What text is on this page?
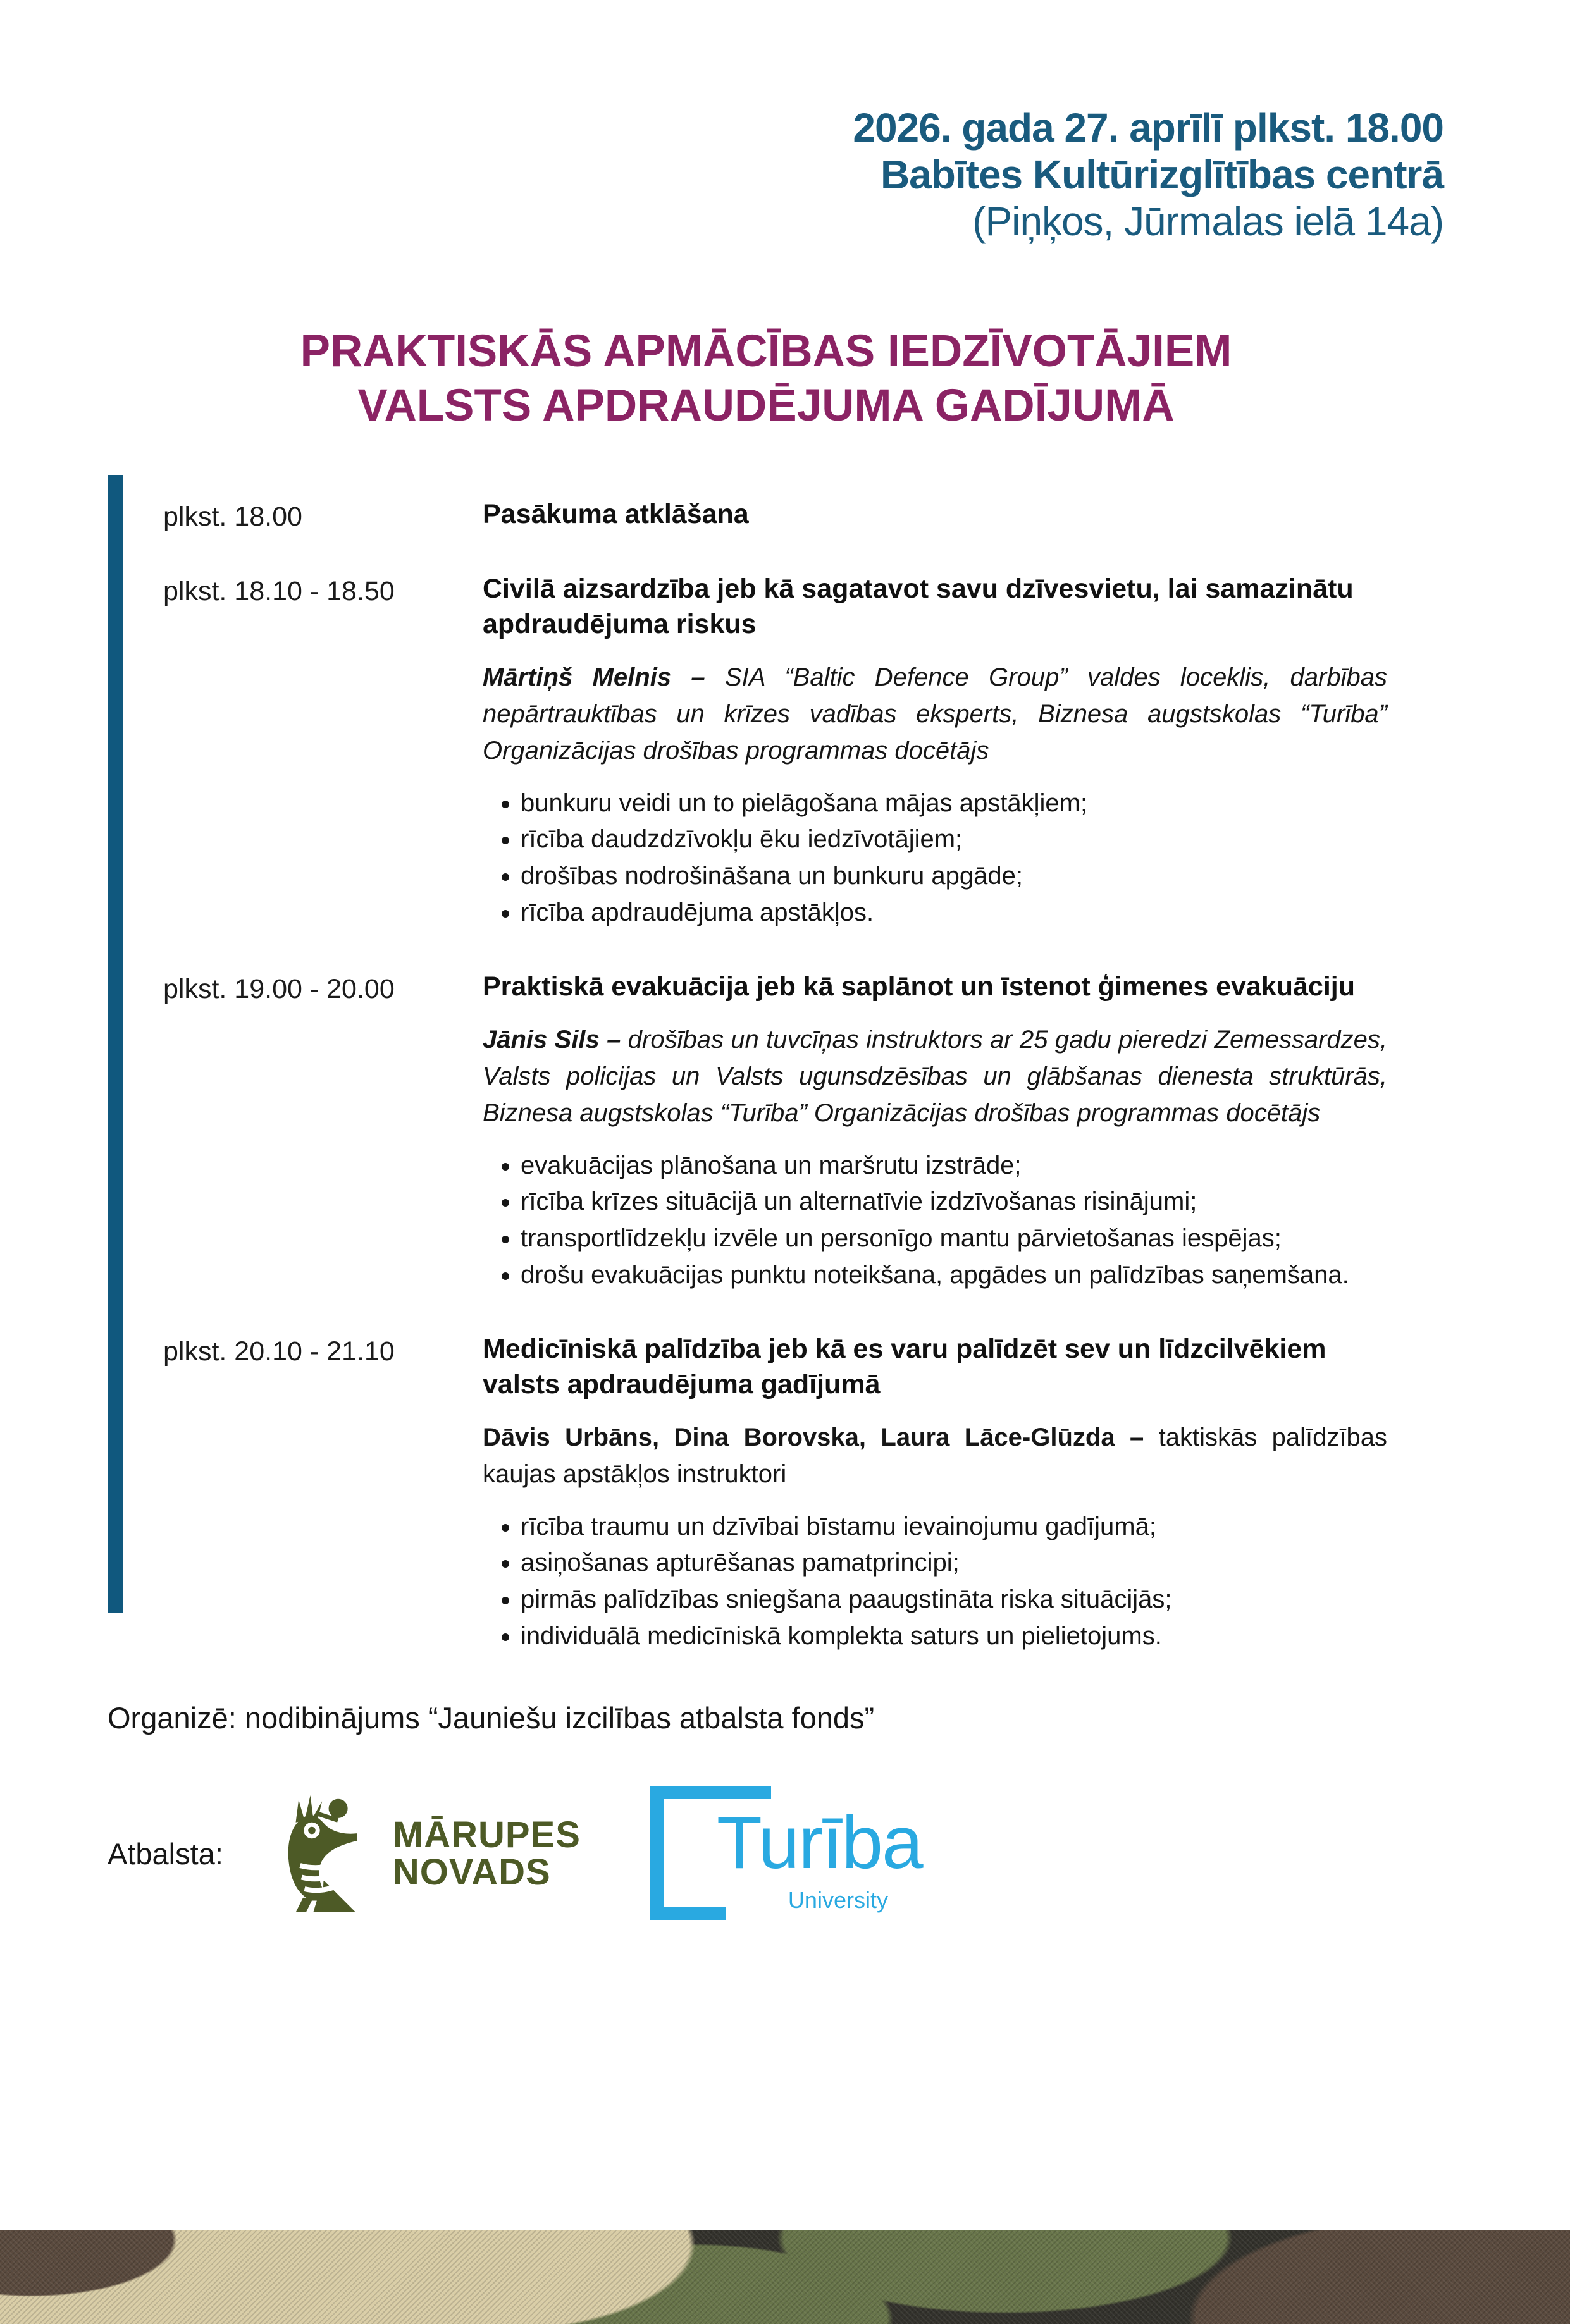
2026. gada 27. aprīlī plkst. 18.00
Babītes Kultūrizglītības centrā
(Piņķos, Jūrmalas ielā 14a)
PRAKTISKĀS APMĀCĪBAS IEDZĪVOTĀJIEM
VALSTS APDRAUDĒJUMA GADĪJUMĀ
plkst. 18.00	Pasākuma atklāšana
plkst. 18.10 - 18.50	Civilā aizsardzība jeb kā sagatavot savu dzīvesvietu, lai samazinātu apdraudējuma riskus

Mārtiņš Melnis – SIA “Baltic Defence Group” valdes loceklis, darbības nepārtrauktības un krīzes vadības eksperts, Biznesa augstskolas “Turība” Organizācijas drošības programmas docētājs

• bunkuru veidi un to pielāgošana mājas apstākļiem;
• rīcība daudzdzīvokļu ēku iedzīvotājiem;
• drošības nodrošināšana un bunkuru apgāde;
• rīcība apdraudējuma apstākļos.
plkst. 19.00 - 20.00	Praktiskā evakuācija jeb kā saplānot un īstenot ģimenes evakuāciju

Jānis Sils – drošības un tuvcīņas instruktors ar 25 gadu pieredzi Zemessardzes, Valsts policijas un Valsts ugunsdzēsības un glābšanas dienesta struktūrās, Biznesa augstskolas “Turība” Organizācijas drošības programmas docētājs

• evakuācijas plānošana un maršrutu izstrāde;
• rīcība krīzes situācijā un alternatīvie izdzīvošanas risinājumi;
• transportlīdzekļu izvēle un personīgo mantu pārvietošanas iespējas;
• drošu evakuācijas punktu noteikšana, apgādes un palīdzības saņemšana.
plkst. 20.10 - 21.10	Medicīniskā palīdzība jeb kā es varu palīdzēt sev un līdzcilvēkiem valsts apdraudējuma gadījumā

Dāvis Urbāns, Dina Borovska, Laura Lāce-Glūzda – taktiskās palīdzības kaujas apstākļos instruktori

• rīcība traumu un dzīvībai bīstamu ievainojumu gadījumā;
• asiņošanas apturēšanas pamatprincipi;
• pirmās palīdzības sniegšana paaugstināta riska situācijās;
• individuālā medicīniskā komplekta saturs un pielietojums.

Organizē: nodibinājums “Jauniešu izcilības atbalsta fonds”

Atbalsta:	MĀRUPES
NOVADS	Turība
University
